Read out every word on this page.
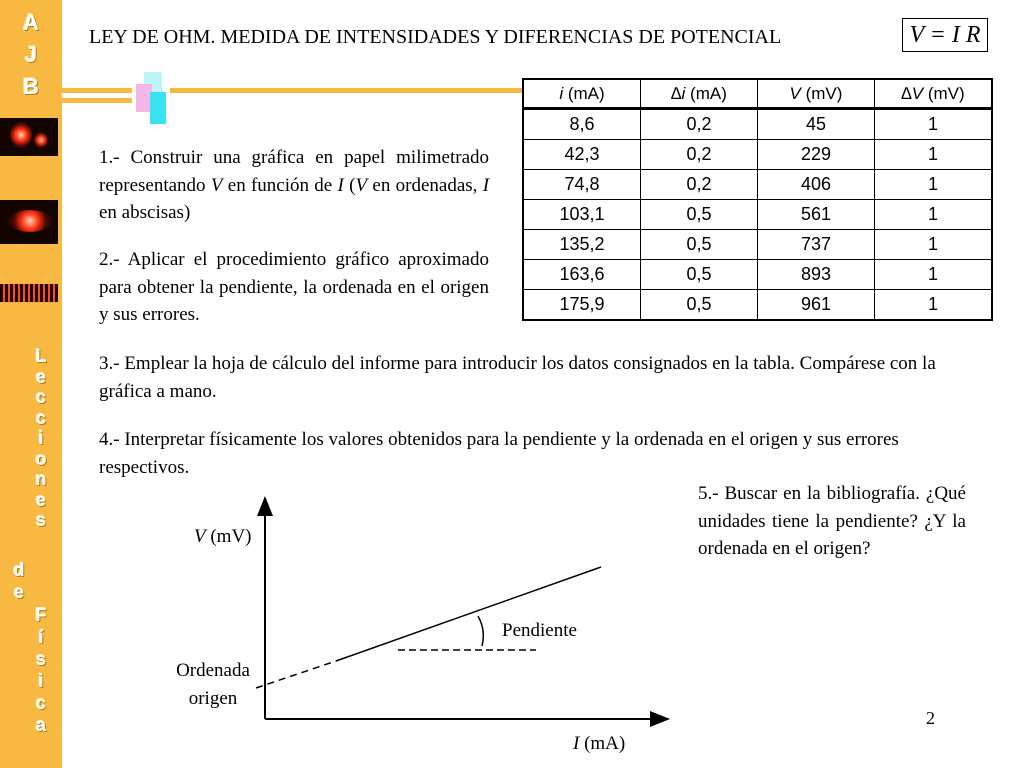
A
J
B
L
e
c
c
i
o
n
e
s
d
e
F
í
s
i
c
a
LEY DE OHM. MEDIDA DE INTENSIDADES Y DIFERENCIAS DE POTENCIAL	V = I R
1.- Construir una gráfica en papel milimetrado representando V en función de I (V en ordenadas, I en abscisas)
2.- Aplicar el procedimiento gráfico aproximado para obtener la pendiente, la ordenada en el origen y sus errores.
i (mA)	∆i (mA)	V (mV)	∆V (mV)
8,6	0,2	45	1
42,3	0,2	229	1
74,8	0,2	406	1
103,1	0,5	561	1
135,2	0,5	737	1
163,6	0,5	893	1
175,9	0,5	961	1
3.- Emplear la hoja de cálculo del informe para introducir los datos consignados en la tabla. Compárese con la gráfica a mano.
4.- Interpretar físicamente los valores obtenidos para la pendiente y la ordenada en el origen y sus errores respectivos.
5.- Buscar en la bibliografía. ¿Qué unidades tiene la pendiente? ¿Y la ordenada en el origen?
V (mV)
I (mA)
Pendiente
Ordenada
origen
2
